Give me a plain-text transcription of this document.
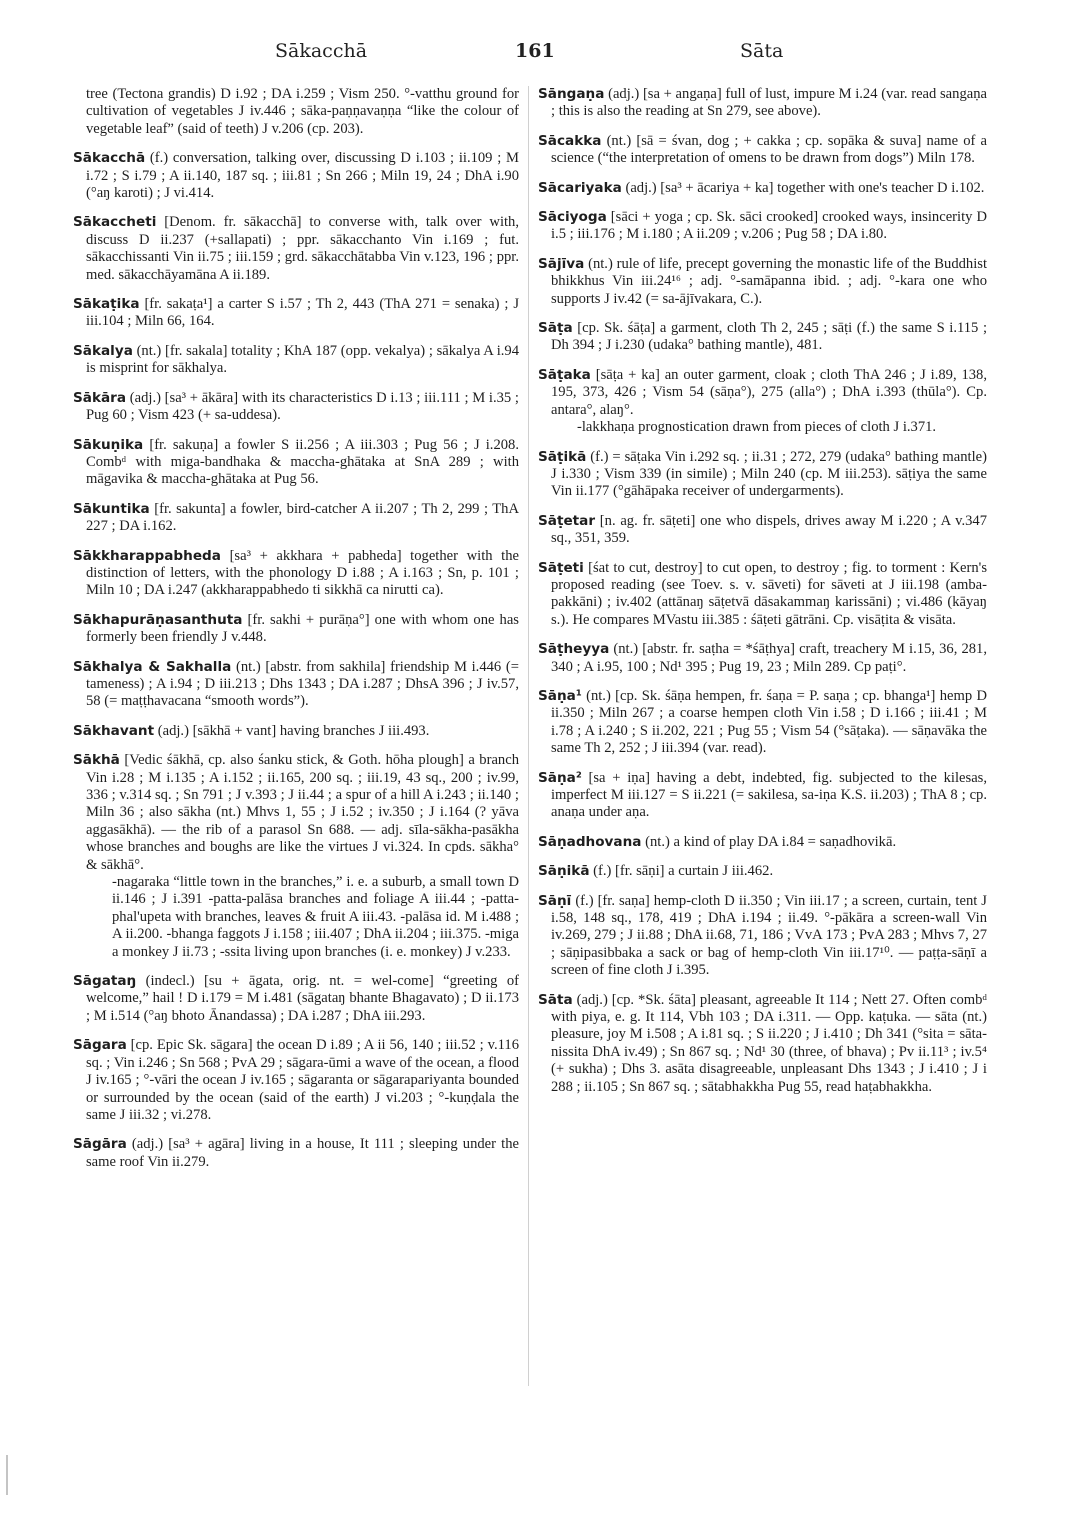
Sākacchā	161	Sāta

tree (Tectona grandis) D i.92 ; DA i.259 ; Vism 250. °-vatthu ground for cultivation of vegetables J iv.446 ; sāka-paṇṇavaṇṇa “like the colour of vegetable leaf” (said of teeth) J v.206 (cp. 203).

Sākacchā (f.) conversation, talking over, discussing D i.103 ; ii.109 ; M i.72 ; S i.79 ; A ii.140, 187 sq. ; iii.81 ; Sn 266 ; Miln 19, 24 ; DhA i.90 (°aŋ karoti) ; J vi.414.

Sākaccheti [Denom. fr. sākacchā] to converse with, talk over with, discuss D ii.237 (+sallapati) ; ppr. sākacchanto Vin i.169 ; fut. sākacchissanti Vin ii.75 ; iii.159 ; grd. sākacchātabba Vin v.123, 196 ; ppr. med. sākacchāyamāna A ii.189.

Sākaṭika [fr. sakaṭa¹] a carter S i.57 ; Th 2, 443 (ThA 271 = senaka) ; J iii.104 ; Miln 66, 164.

Sākalya (nt.) [fr. sakala] totality ; KhA 187 (opp. vekalya) ; sākalya A i.94 is misprint for sākhalya.

Sākāra (adj.) [sa³ + ākāra] with its characteristics D i.13 ; iii.111 ; M i.35 ; Pug 60 ; Vism 423 (+ sa-uddesa).

Sākuṇika [fr. sakuṇa] a fowler S ii.256 ; A iii.303 ; Pug 56 ; J i.208. Combᵈ with miga-bandhaka & maccha-ghātaka at SnA 289 ; with māgavika & maccha-ghātaka at Pug 56.

Sākuntika [fr. sakunta] a fowler, bird-catcher A ii.207 ; Th 2, 299 ; ThA 227 ; DA i.162.

Sākkharappabheda [sa³ + akkhara + pabheda] together with the distinction of letters, with the phonology D i.88 ; A i.163 ; Sn, p. 101 ; Miln 10 ; DA i.247 (akkharappabhedo ti sikkhā ca nirutti ca).

Sākhapurāṇasanthuta [fr. sakhi + purāṇa°] one with whom one has formerly been friendly J v.448.

Sākhalya & Sakhalla (nt.) [abstr. from sakhila] friendship M i.446 (= tameness) ; A i.94 ; D iii.213 ; Dhs 1343 ; DA i.287 ; DhsA 396 ; J iv.57, 58 (= maṭṭhavacana “smooth words”).

Sākhavant (adj.) [sākhā + vant] having branches J iii.493.

Sākhā [Vedic śākhā, cp. also śanku stick, & Goth. hōha plough] a branch Vin i.28 ; M i.135 ; A i.152 ; ii.165, 200 sq. ; iii.19, 43 sq., 200 ; iv.99, 336 ; v.314 sq. ; Sn 791 ; J v.393 ; J ii.44 ; a spur of a hill A i.243 ; ii.140 ; Miln 36 ; also sākha (nt.) Mhvs 1, 55 ; J i.52 ; iv.350 ; J i.164 (? yāva aggasākhā). — the rib of a parasol Sn 688. — adj. sīla-sākha-pasākha whose branches and boughs are like the virtues J vi.324. In cpds. sākha° & sākhā°.
-nagaraka “little town in the branches,” i. e. a suburb, a small town D ii.146 ; J i.391 -patta-palāsa branches and foliage A iii.44 ; -patta-phal'upeta with branches, leaves & fruit A iii.43. -palāsa id. M i.488 ; A ii.200. -bhanga faggots J i.158 ; iii.407 ; DhA ii.204 ; iii.375. -miga a monkey J ii.73 ; -ssita living upon branches (i. e. monkey) J v.233.

Sāgataŋ (indecl.) [su + āgata, orig. nt. = wel-come] “greeting of welcome,” hail ! D i.179 = M i.481 (sāgataŋ bhante Bhagavato) ; D ii.173 ; M i.514 (°aŋ bhoto Ānandassa) ; DA i.287 ; DhA iii.293.

Sāgara [cp. Epic Sk. sāgara] the ocean D i.89 ; A ii 56, 140 ; iii.52 ; v.116 sq. ; Vin i.246 ; Sn 568 ; PvA 29 ; sāgara-ūmi a wave of the ocean, a flood J iv.165 ; °-vāri the ocean J iv.165 ; sāgaranta or sāgarapariyanta bounded or surrounded by the ocean (said of the earth) J vi.203 ; °-kuṇḍala the same J iii.32 ; vi.278.

Sāgāra (adj.) [sa³ + agāra] living in a house, It 111 ; sleeping under the same roof Vin ii.279.

Sāngaṇa (adj.) [sa + angaṇa] full of lust, impure M i.24 (var. read sangaṇa ; this is also the reading at Sn 279, see above).

Sācakka (nt.) [sā = śvan, dog ; + cakka ; cp. sopāka & suva] name of a science (“the interpretation of omens to be drawn from dogs”) Miln 178.

Sācariyaka (adj.) [sa³ + ācariya + ka] together with one's teacher D i.102.

Sāciyoga [sāci + yoga ; cp. Sk. sāci crooked] crooked ways, insincerity D i.5 ; iii.176 ; M i.180 ; A ii.209 ; v.206 ; Pug 58 ; DA i.80.

Sājīva (nt.) rule of life, precept governing the monastic life of the Buddhist bhikkhus Vin iii.24¹⁶ ; adj. °-samāpanna ibid. ; adj. °-kara one who supports J iv.42 (= sa-ājīvakara, C.).

Sāṭa [cp. Sk. śāṭa] a garment, cloth Th 2, 245 ; sāṭi (f.) the same S i.115 ; Dh 394 ; J i.230 (udaka° bathing mantle), 481.

Sāṭaka [sāṭa + ka] an outer garment, cloak ; cloth ThA 246 ; J i.89, 138, 195, 373, 426 ; Vism 54 (sāṇa°), 275 (alla°) ; DhA i.393 (thūla°). Cp. antara°, alaŋ°.
-lakkhaṇa prognostication drawn from pieces of cloth J i.371.

Sāṭikā (f.) = sāṭaka Vin i.292 sq. ; ii.31 ; 272, 279 (udaka° bathing mantle) J i.330 ; Vism 339 (in simile) ; Miln 240 (cp. M iii.253). sāṭiya the same Vin ii.177 (°gāhāpaka receiver of undergarments).

Sāṭetar [n. ag. fr. sāṭeti] one who dispels, drives away M i.220 ; A v.347 sq., 351, 359.

Sāṭeti [śat to cut, destroy] to cut open, to destroy ; fig. to torment : Kern's proposed reading (see Toev. s. v. sāveti) for sāveti at J iii.198 (amba-pakkāni) ; iv.402 (attānaŋ sāṭetvā dāsakammaŋ karissāni) ; vi.486 (kāyaŋ s.). He compares MVastu iii.385 : śāṭeti gātrāni. Cp. visāṭita & visāta.

Sāṭheyya (nt.) [abstr. fr. saṭha = *śāṭhya] craft, treachery M i.15, 36, 281, 340 ; A i.95, 100 ; Nd¹ 395 ; Pug 19, 23 ; Miln 289. Cp paṭi°.

Sāṇa¹ (nt.) [cp. Sk. śāṇa hempen, fr. śaṇa = P. saṇa ; cp. bhanga¹] hemp D ii.350 ; Miln 267 ; a coarse hempen cloth Vin i.58 ; D i.166 ; iii.41 ; M i.78 ; A i.240 ; S ii.202, 221 ; Pug 55 ; Vism 54 (°sāṭaka). — sāṇavāka the same Th 2, 252 ; J iii.394 (var. read).

Sāṇa² [sa + iṇa] having a debt, indebted, fig. subjected to the kilesas, imperfect M iii.127 = S ii.221 (= sakilesa, sa-iṇa K.S. ii.203) ; ThA 8 ; cp. anaṇa under aṇa.

Sāṇadhovana (nt.) a kind of play DA i.84 = saṇadhovikā.

Sāṇikā (f.) [fr. sāṇi] a curtain J iii.462.

Sāṇī (f.) [fr. saṇa] hemp-cloth D ii.350 ; Vin iii.17 ; a screen, curtain, tent J i.58, 148 sq., 178, 419 ; DhA i.194 ; ii.49. °-pākāra a screen-wall Vin iv.269, 279 ; J ii.88 ; DhA ii.68, 71, 186 ; VvA 173 ; PvA 283 ; Mhvs 7, 27 ; sāṇipasibbaka a sack or bag of hemp-cloth Vin iii.17¹⁰. — paṭṭa-sāṇī a screen of fine cloth J i.395.

Sāta (adj.) [cp. *Sk. śāta] pleasant, agreeable It 114 ; Nett 27. Often combᵈ with piya, e. g. It 114, Vbh 103 ; DA i.311. — Opp. kaṭuka. — sāta (nt.) pleasure, joy M i.508 ; A i.81 sq. ; S ii.220 ; J i.410 ; Dh 341 (°sita = sāta-nissita DhA iv.49) ; Sn 867 sq. ; Nd¹ 30 (three, of bhava) ; Pv ii.11³ ; iv.5⁴ (+ sukha) ; Dhs 3. asāta disagreeable, unpleasant Dhs 1343 ; J i.410 ; J i 288 ; ii.105 ; Sn 867 sq. ; sātabhakkha Pug 55, read haṭabhakkha.
